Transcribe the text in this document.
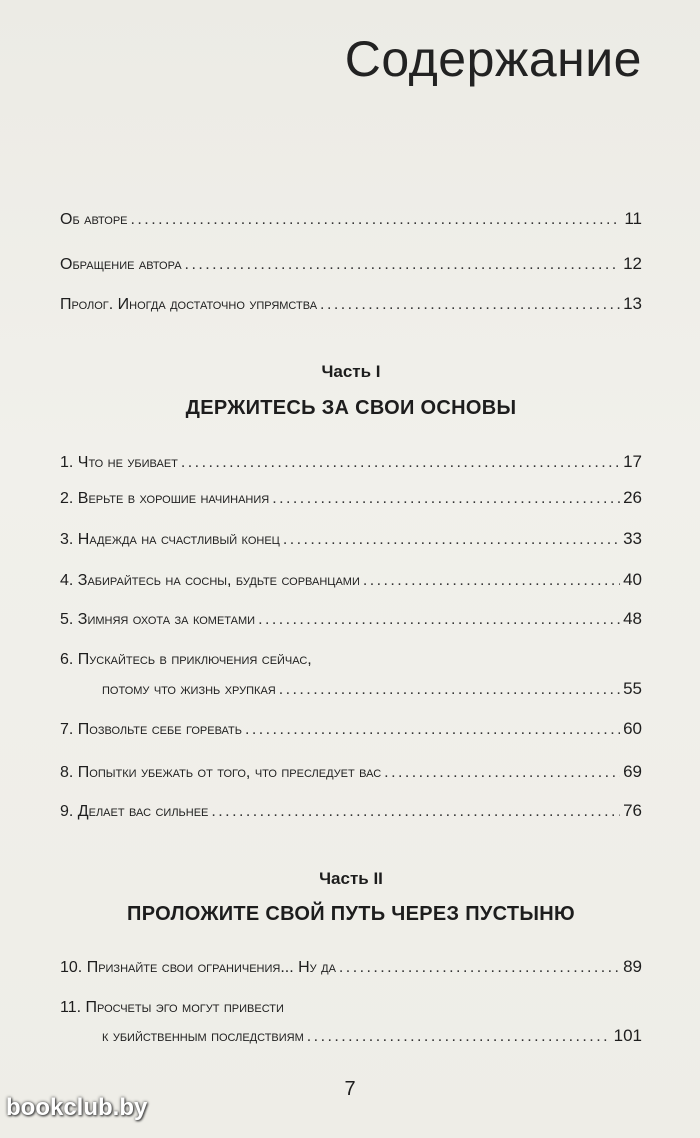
Содержание
Об авторе . . .	11
Обращение автора . . .	12
Пролог. Иногда достаточно упрямства . . .	13
Часть I
ДЕРЖИТЕСЬ ЗА СВОИ ОСНОВЫ
1. Что не убивает . . .	17
2. Верьте в хорошие начинания . . .	26
3. Надежда на счастливый конец . . .	33
4. Забирайтесь на сосны, будьте сорванцами . . .	40
5. Зимняя охота за кометами . . .	48
6. Пускайтесь в приключения сейчас,
потому что жизнь хрупкая . . .	55
7. Позвольте себе горевать . . .	60
8. Попытки убежать от того, что преследует вас . . .	69
9. Делает вас сильнее . . .	76
Часть II
ПРОЛОЖИТЕ СВОЙ ПУТЬ ЧЕРЕЗ ПУСТЫНЮ
10. Признайте свои ограничения... Ну да . . .	89
11. Просчеты эго могут привести
к убийственным последствиям . . .	101
7
bookclub.by
